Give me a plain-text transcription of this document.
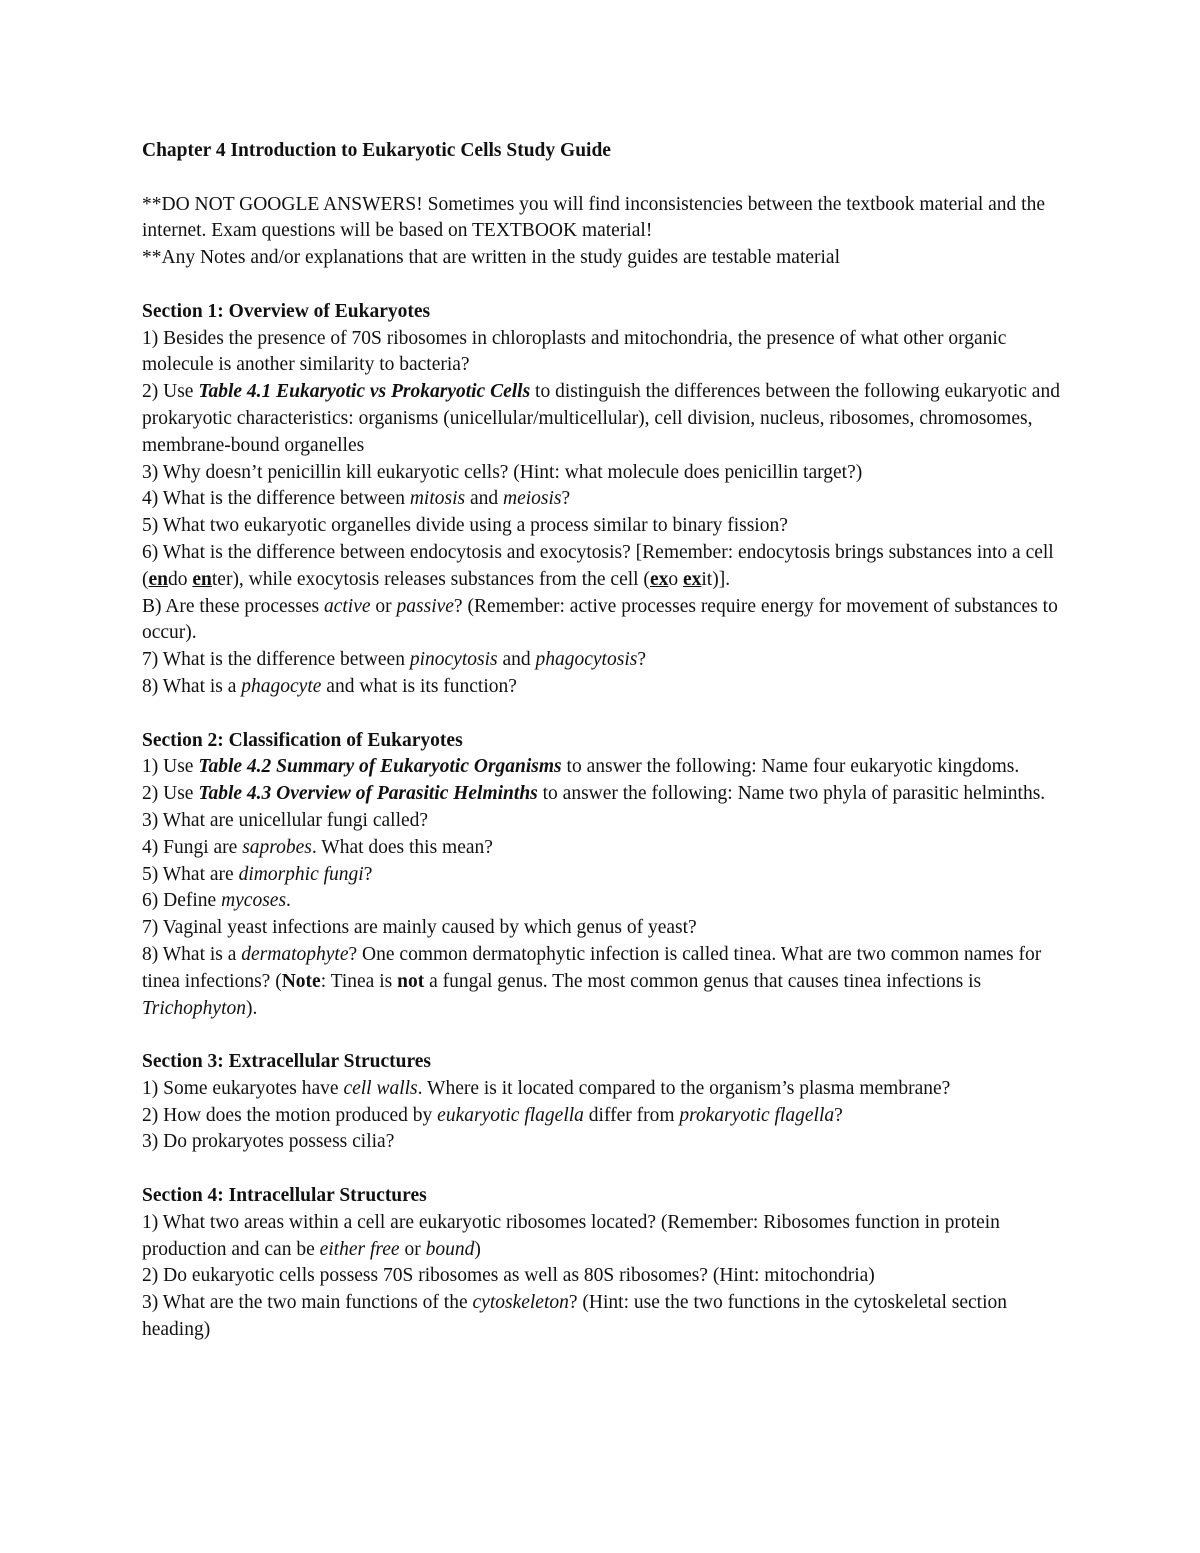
Chapter 4 Introduction to Eukaryotic Cells Study Guide

**DO NOT GOOGLE ANSWERS! Sometimes you will find inconsistencies between the textbook material and the internet. Exam questions will be based on TEXTBOOK material!

**Any Notes and/or explanations that are written in the study guides are testable material

Section 1: Overview of Eukaryotes

1) Besides the presence of 70S ribosomes in chloroplasts and mitochondria, the presence of what other organic molecule is another similarity to bacteria?

2) Use Table 4.1 Eukaryotic vs Prokaryotic Cells to distinguish the differences between the following eukaryotic and prokaryotic characteristics: organisms (unicellular/multicellular), cell division, nucleus, ribosomes, chromosomes, membrane-bound organelles

3) Why doesn’t penicillin kill eukaryotic cells? (Hint: what molecule does penicillin target?)

4) What is the difference between mitosis and meiosis?

5) What two eukaryotic organelles divide using a process similar to binary fission?

6) What is the difference between endocytosis and exocytosis? [Remember: endocytosis brings substances into a cell (endo enter), while exocytosis releases substances from the cell (exo exit)].

B) Are these processes active or passive? (Remember: active processes require energy for movement of substances to occur).

7) What is the difference between pinocytosis and phagocytosis?

8) What is a phagocyte and what is its function?

Section 2: Classification of Eukaryotes

1) Use Table 4.2 Summary of Eukaryotic Organisms to answer the following: Name four eukaryotic kingdoms.

2) Use Table 4.3 Overview of Parasitic Helminths to answer the following: Name two phyla of parasitic helminths.

3) What are unicellular fungi called?

4) Fungi are saprobes. What does this mean?

5) What are dimorphic fungi?

6) Define mycoses.

7) Vaginal yeast infections are mainly caused by which genus of yeast?

8) What is a dermatophyte? One common dermatophytic infection is called tinea. What are two common names for tinea infections? (Note: Tinea is not a fungal genus. The most common genus that causes tinea infections is Trichophyton).

Section 3: Extracellular Structures

1) Some eukaryotes have cell walls. Where is it located compared to the organism’s plasma membrane?

2) How does the motion produced by eukaryotic flagella differ from prokaryotic flagella?

3) Do prokaryotes possess cilia?

Section 4: Intracellular Structures

1) What two areas within a cell are eukaryotic ribosomes located? (Remember: Ribosomes function in protein production and can be either free or bound)

2) Do eukaryotic cells possess 70S ribosomes as well as 80S ribosomes? (Hint: mitochondria)

3) What are the two main functions of the cytoskeleton? (Hint: use the two functions in the cytoskeletal section heading)
